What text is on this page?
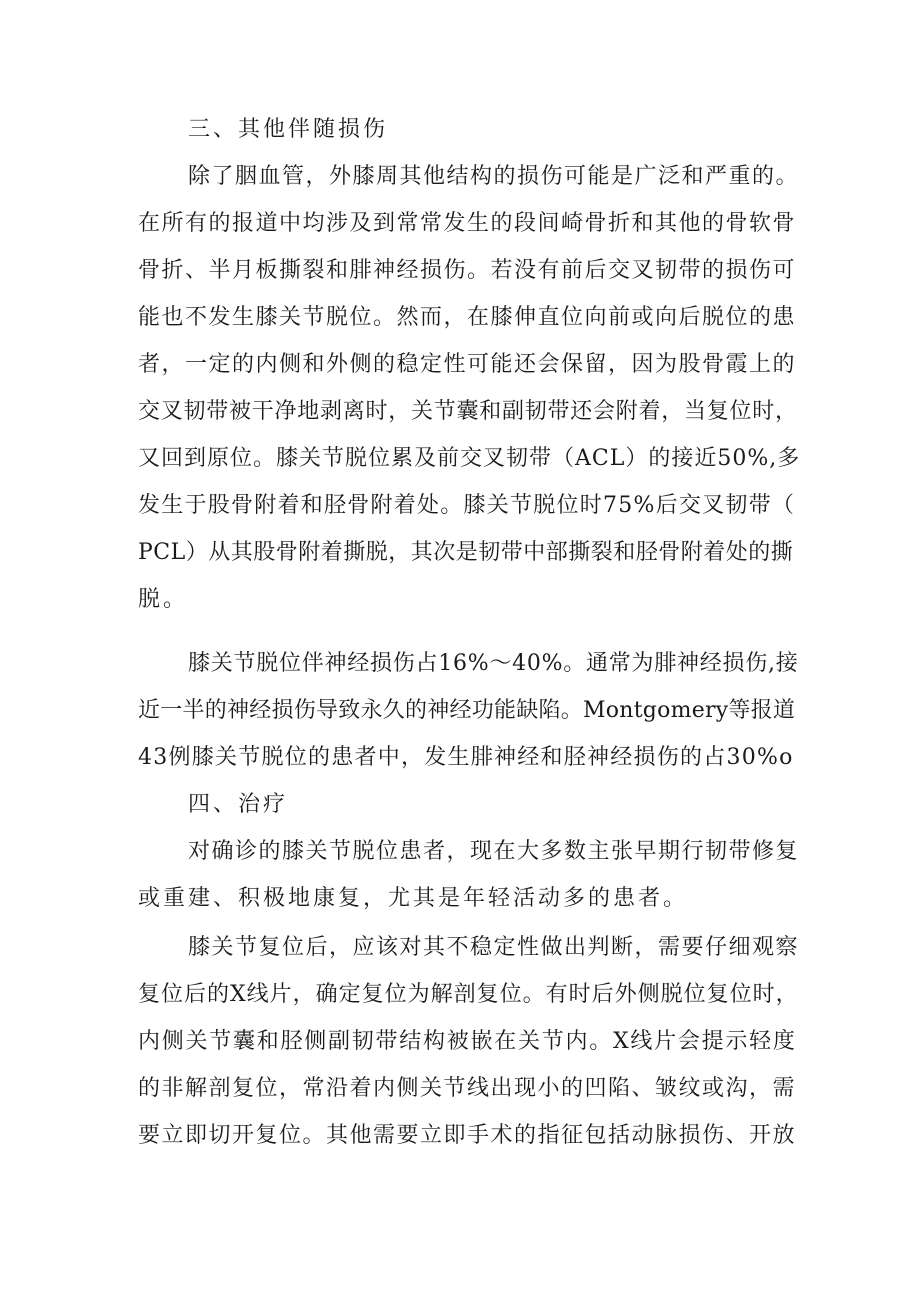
三、其他伴随损伤
除了胭血管，外膝周其他结构的损伤可能是广泛和严重的。
在所有的报道中均涉及到常常发生的段间崎骨折和其他的骨软骨
骨折、半月板撕裂和腓神经损伤。若没有前后交叉韧带的损伤可
能也不发生膝关节脱位。然而，在膝伸直位向前或向后脱位的患
者，一定的内侧和外侧的稳定性可能还会保留，因为股骨霞上的
交叉韧带被干净地剥离时，关节囊和副韧带还会附着，当复位时，
又回到原位。膝关节脱位累及前交叉韧带（ACL）的接近50%,多
发生于股骨附着和胫骨附着处。膝关节脱位时75%后交叉韧带（
PCL）从其股骨附着撕脱，其次是韧带中部撕裂和胫骨附着处的撕
脱。
膝关节脱位伴神经损伤占16%～40%。通常为腓神经损伤,接
近一半的神经损伤导致永久的神经功能缺陷。Montgomery等报道
43例膝关节脱位的患者中，发生腓神经和胫神经损伤的占30%o
四、治疗
对确诊的膝关节脱位患者，现在大多数主张早期行韧带修复
或重建、积极地康复，尤其是年轻活动多的患者。
膝关节复位后，应该对其不稳定性做出判断，需要仔细观察
复位后的X线片，确定复位为解剖复位。有时后外侧脱位复位时，
内侧关节囊和胫侧副韧带结构被嵌在关节内。X线片会提示轻度
的非解剖复位，常沿着内侧关节线出现小的凹陷、皱纹或沟，需
要立即切开复位。其他需要立即手术的指征包括动脉损伤、开放
